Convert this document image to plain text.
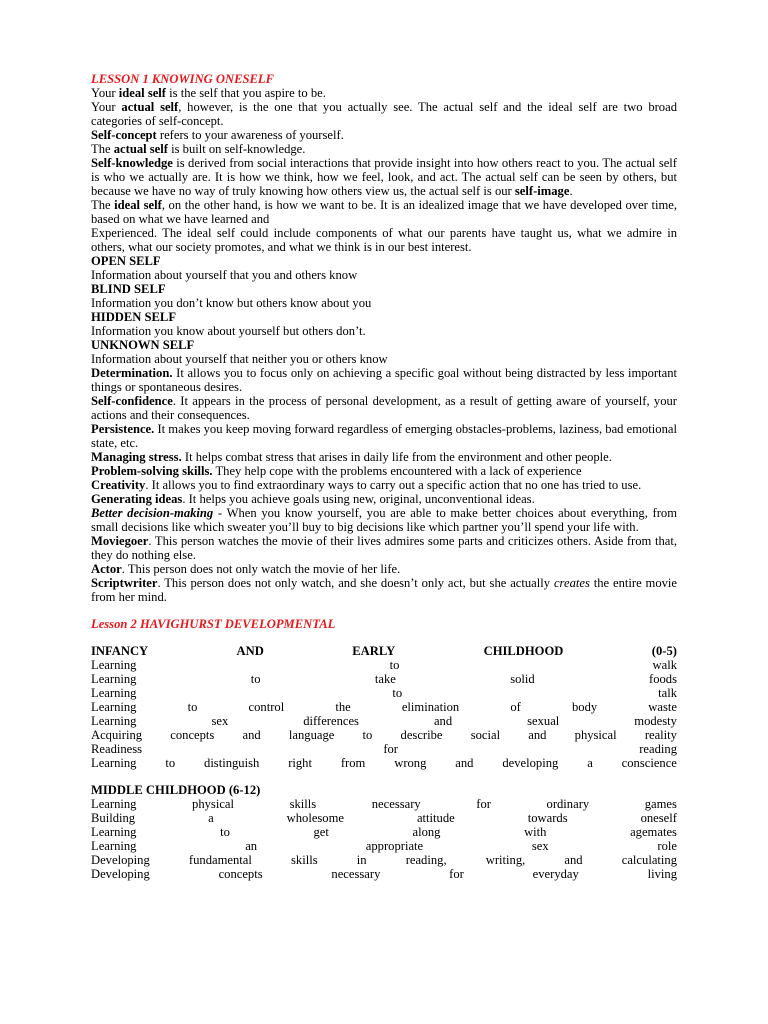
LESSON 1 KNOWING ONESELF

Your ideal self is the self that you aspire to be.

Your actual self, however, is the one that you actually see. The actual self and the ideal self are two broad categories of self-concept.

Self-concept refers to your awareness of yourself.

The actual self is built on self-knowledge.

Self-knowledge is derived from social interactions that provide insight into how others react to you. The actual self is who we actually are. It is how we think, how we feel, look, and act. The actual self can be seen by others, but because we have no way of truly knowing how others view us, the actual self is our self-image.

The ideal self, on the other hand, is how we want to be. It is an idealized image that we have developed over time, based on what we have learned and

Experienced. The ideal self could include components of what our parents have taught us, what we admire in others, what our society promotes, and what we think is in our best interest.

OPEN SELF

Information about yourself that you and others know

BLIND SELF

Information you don’t know but others know about you

HIDDEN SELF

Information you know about yourself but others don’t.

UNKNOWN SELF

Information about yourself that neither you or others know

Determination. It allows you to focus only on achieving a specific goal without being distracted by less important things or spontaneous desires.

Self-confidence. It appears in the process of personal development, as a result of getting aware of yourself, your actions and their consequences.

Persistence. It makes you keep moving forward regardless of emerging obstacles-problems, laziness, bad emotional state, etc.

Managing stress. It helps combat stress that arises in daily life from the environment and other people.

Problem-solving skills. They help cope with the problems encountered with a lack of experience

Creativity. It allows you to find extraordinary ways to carry out a specific action that no one has tried to use.

Generating ideas. It helps you achieve goals using new, original, unconventional ideas.

Better decision-making - When you know yourself, you are able to make better choices about everything, from small decisions like which sweater you’ll buy to big decisions like which partner you’ll spend your life with.

Moviegoer. This person watches the movie of their lives admires some parts and criticizes others. Aside from that, they do nothing else.

Actor. This person does not only watch the movie of her life.

Scriptwriter. This person does not only watch, and she doesn’t only act, but she actually creates the entire movie from her mind.

Lesson 2 HAVIGHURST DEVELOPMENTAL

INFANCY	AND	EARLY	CHILDHOOD	(0-5)
Learning	to	walk
Learning	to	take	solid	foods
Learning	to	talk
Learning	to	control	the	elimination	of	body	waste
Learning	sex	differences	and	sexual	modesty
Acquiring concepts and language to describe social and physical reality
Readiness	for	reading
Learning to distinguish right from wrong and developing a conscience
MIDDLE CHILDHOOD (6-12)
Learning	physical	skills	necessary	for	ordinary	games
Building	a	wholesome	attitude	towards	oneself
Learning	to	get	along	with	agemates
Learning	an	appropriate	sex	role
Developing	fundamental	skills	in	reading,	writing,	and	calculating
Developing	concepts	necessary	for	everyday	living
